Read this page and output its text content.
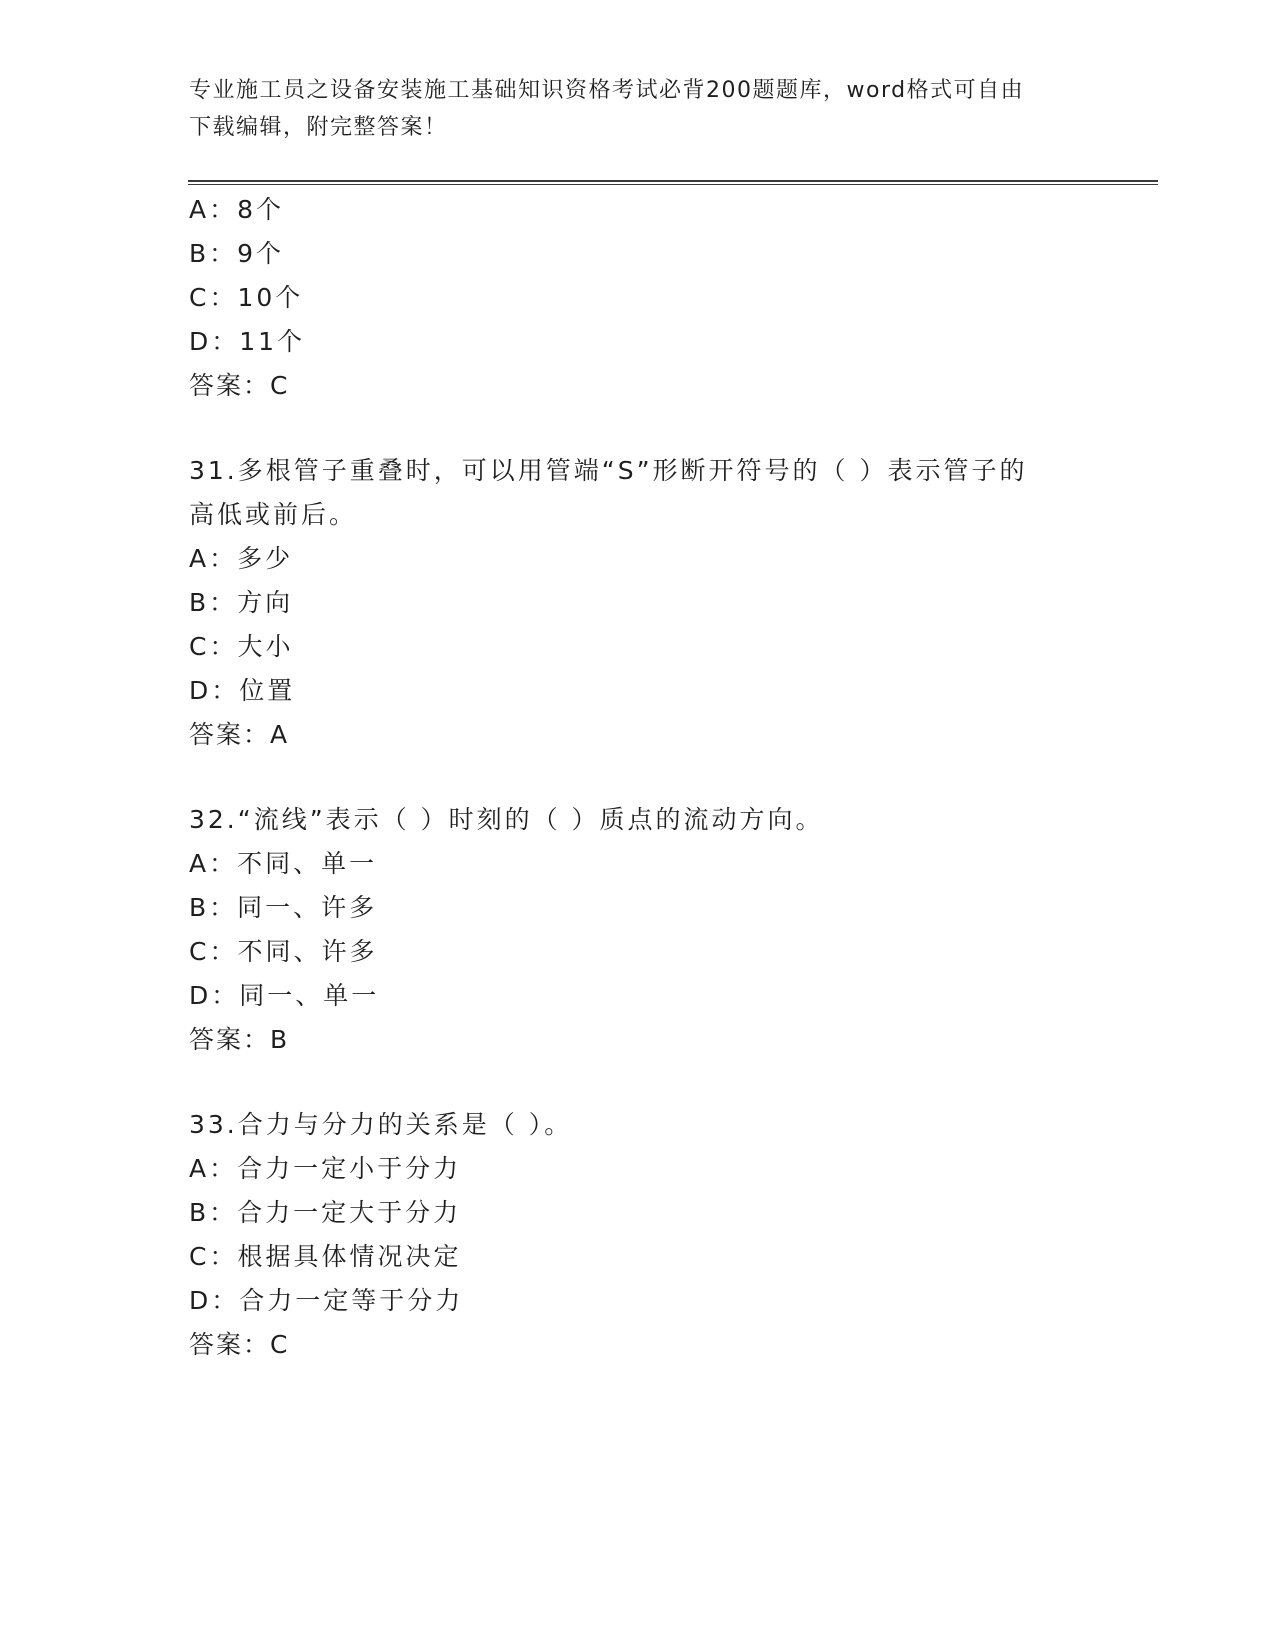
专业施工员之设备安装施工基础知识资格考试必背200题题库，word格式可自由
下载编辑，附完整答案！
A：8个
B：9个
C：10个
D：11个
答案：C
31.多根管子重叠时，可以用管端“S”形断开符号的（ ）表示管子的
高低或前后。
A：多少
B：方向
C：大小
D：位置
答案：A
32.“流线”表示（ ）时刻的（ ）质点的流动方向。
A：不同、单一
B：同一、许多
C：不同、许多
D：同一、单一
答案：B
33.合力与分力的关系是（ ）。
A：合力一定小于分力
B：合力一定大于分力
C：根据具体情况决定
D：合力一定等于分力
答案：C
